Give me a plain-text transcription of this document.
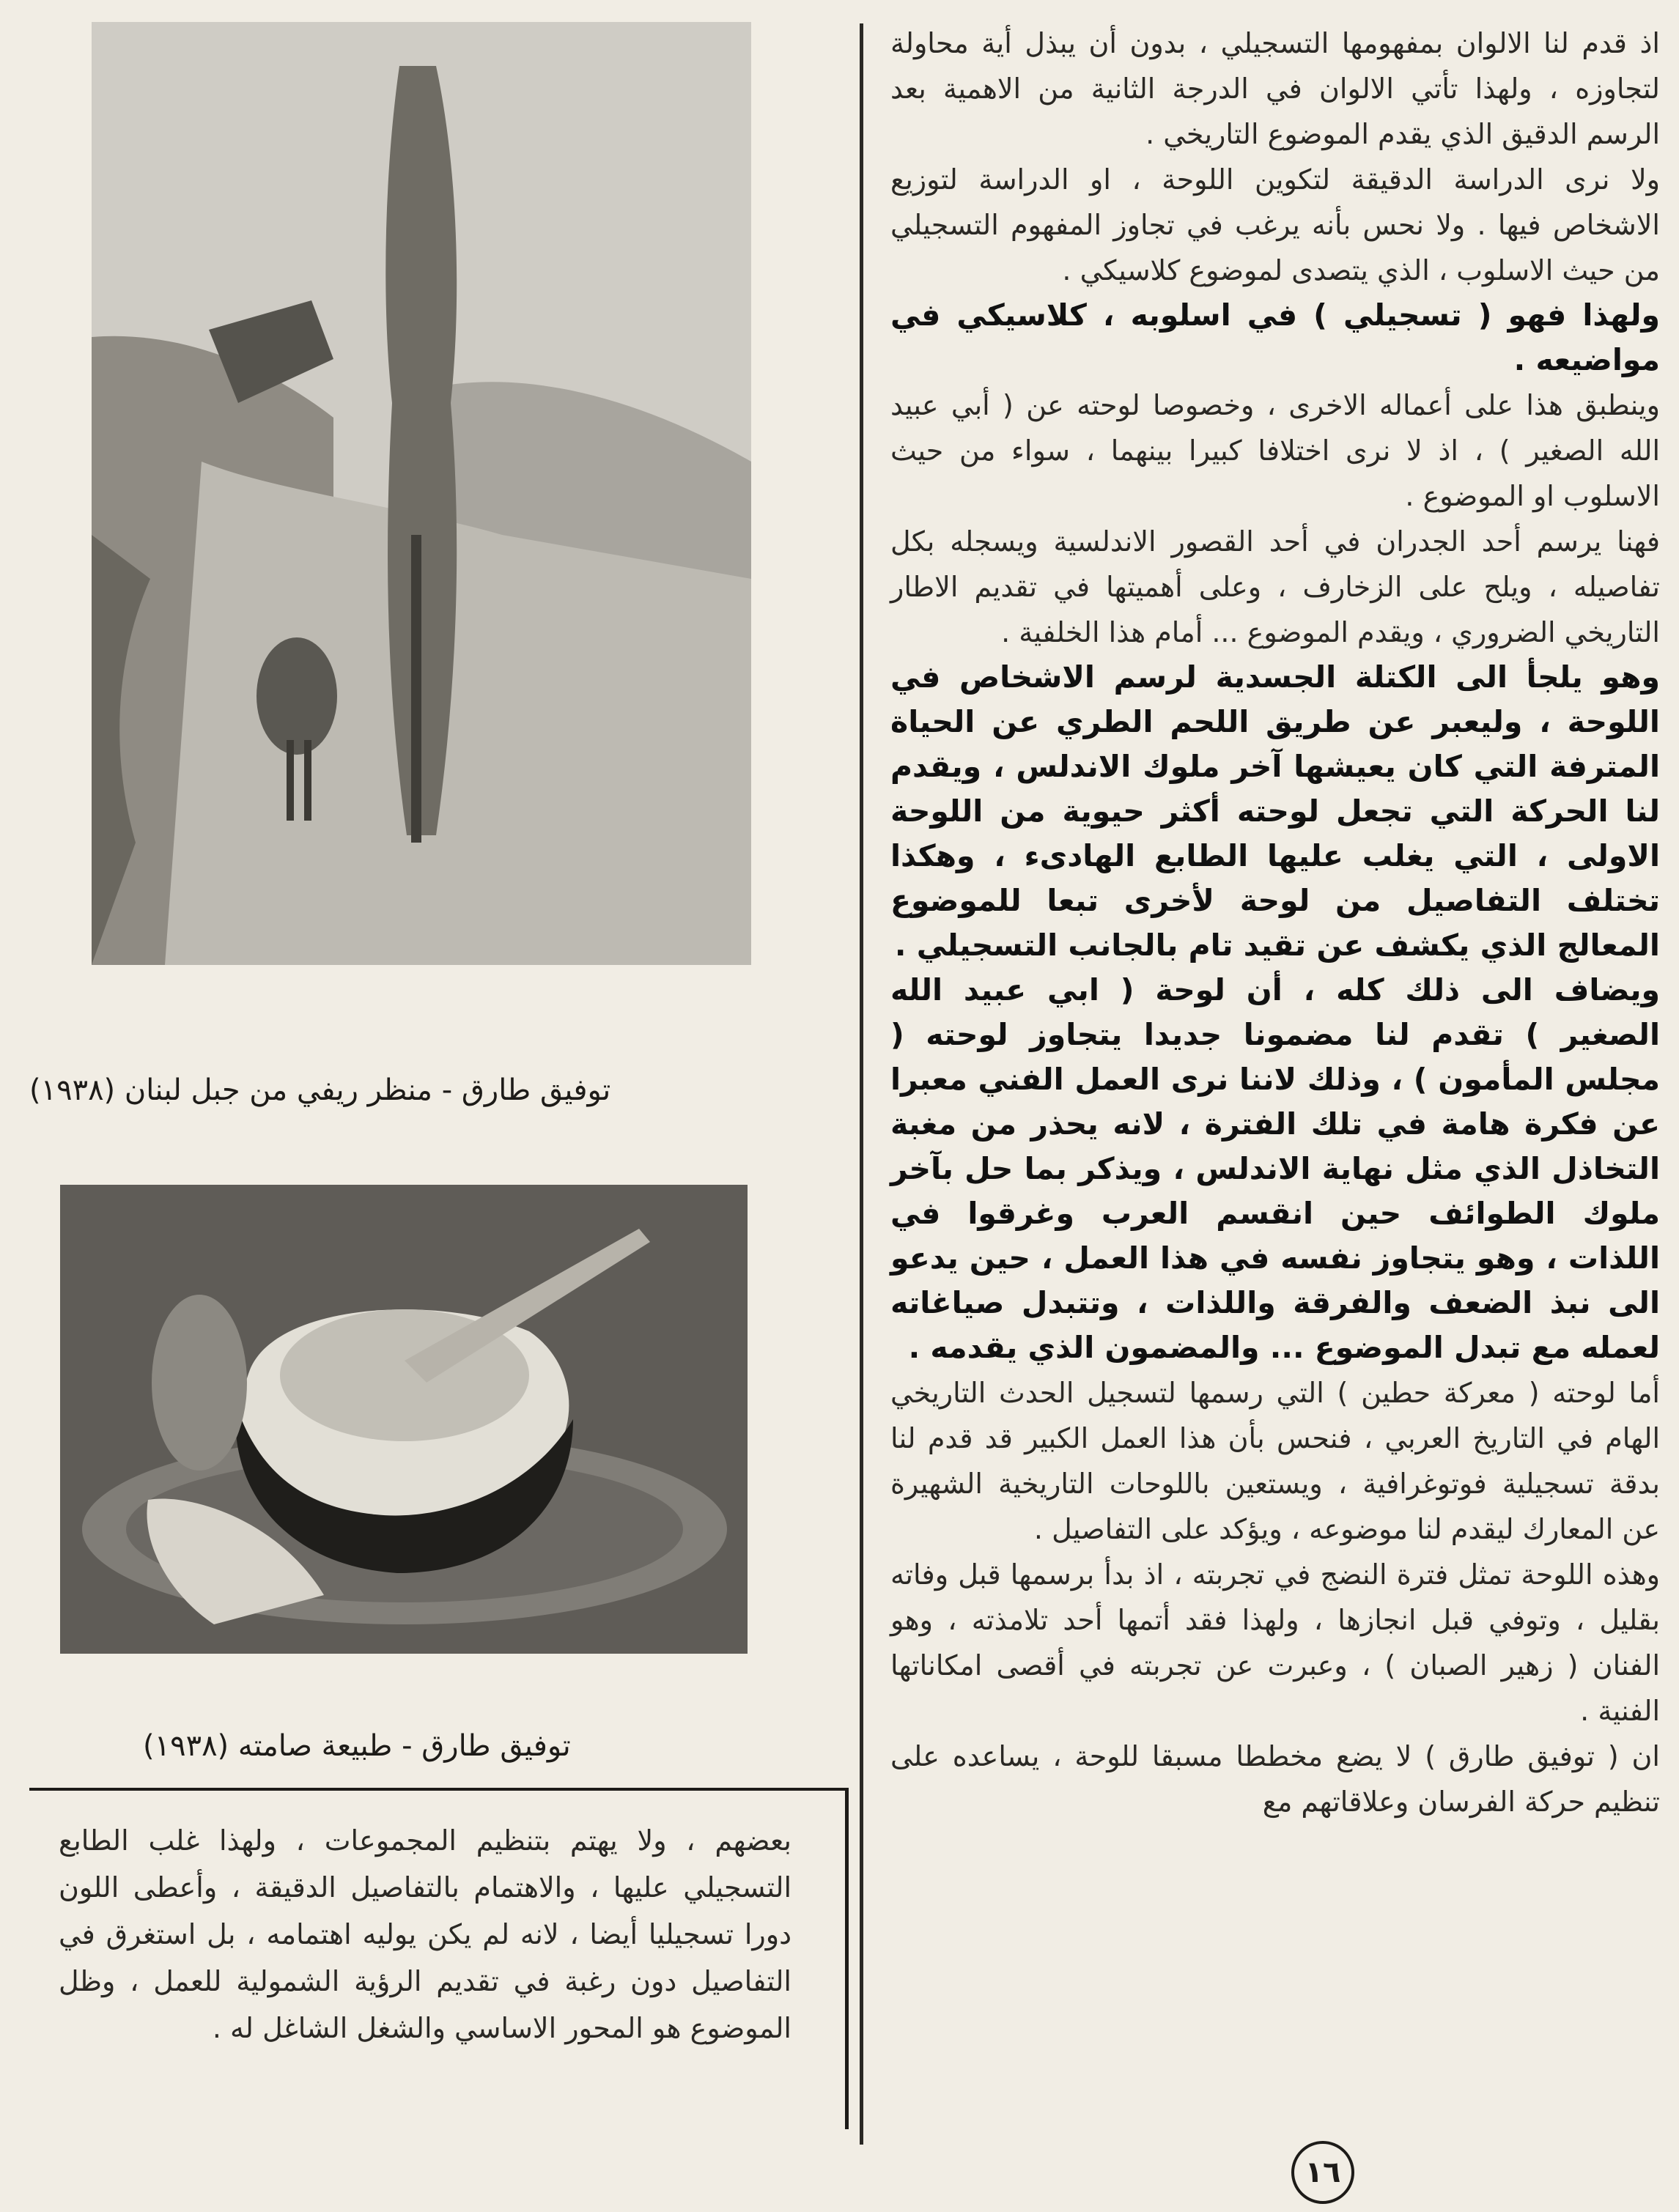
توفيق طارق - منظر ريفي من جبل لبنان (١٩٣٨)
توفيق طارق - طبيعة صامته (١٩٣٨)

بعضهم ، ولا يهتم بتنظيم المجموعات ، ولهذا غلب الطابع التسجيلي عليها ، والاهتمام بالتفاصيل الدقيقة ، وأعطى اللون دورا تسجيليا أيضا ، لانه لم يكن يوليه اهتمامه ، بل استغرق في التفاصيل دون رغبة في تقديم الرؤية الشمولية للعمل ، وظل الموضوع هو المحور الاساسي والشغل الشاغل له .

اذ قدم لنا الالوان بمفهومها التسجيلي ، بدون أن يبذل أية محاولة لتجاوزه ، ولهذا تأتي الالوان في الدرجة الثانية من الاهمية بعد الرسم الدقيق الذي يقدم الموضوع التاريخي .

ولا نرى الدراسة الدقيقة لتكوين اللوحة ، او الدراسة لتوزيع الاشخاص فيها . ولا نحس بأنه يرغب في تجاوز المفهوم التسجيلي من حيث الاسلوب ، الذي يتصدى لموضوع كلاسيكي .

ولهذا فهو ( تسجيلي ) في اسلوبه ، كلاسيكي في مواضيعه .

وينطبق هذا على أعماله الاخرى ، وخصوصا لوحته عن ( أبي عبيد الله الصغير ) ، اذ لا نرى اختلافا كبيرا بينهما ، سواء من حيث الاسلوب او الموضوع .

فهنا يرسم أحد الجدران في أحد القصور الاندلسية ويسجله بكل تفاصيله ، ويلح على الزخارف ، وعلى أهميتها في تقديم الاطار التاريخي الضروري ، ويقدم الموضوع ... أمام هذا الخلفية .

وهو يلجأ الى الكتلة الجسدية لرسم الاشخاص في اللوحة ، وليعبر عن طريق اللحم الطري عن الحياة المترفة التي كان يعيشها آخر ملوك الاندلس ، ويقدم لنا الحركة التي تجعل لوحته أكثر حيوية من اللوحة الاولى ، التي يغلب عليها الطابع الهادىء ، وهكذا تختلف التفاصيل من لوحة لأخرى تبعا للموضوع المعالج الذي يكشف عن تقيد تام بالجانب التسجيلي .

ويضاف الى ذلك كله ، أن لوحة ( ابي عبيد الله الصغير ) تقدم لنا مضمونا جديدا يتجاوز لوحته ( مجلس المأمون ) ، وذلك لاننا نرى العمل الفني معبرا عن فكرة هامة في تلك الفترة ، لانه يحذر من مغبة التخاذل الذي مثل نهاية الاندلس ، ويذكر بما حل بآخر ملوك الطوائف حين انقسم العرب وغرقوا في اللذات ، وهو يتجاوز نفسه في هذا العمل ، حين يدعو الى نبذ الضعف والفرقة واللذات ، وتتبدل صياغاته لعمله مع تبدل الموضوع ... والمضمون الذي يقدمه .

أما لوحته ( معركة حطين ) التي رسمها لتسجيل الحدث التاريخي الهام في التاريخ العربي ، فنحس بأن هذا العمل الكبير قد قدم لنا بدقة تسجيلية فوتوغرافية ، ويستعين باللوحات التاريخية الشهيرة عن المعارك ليقدم لنا موضوعه ، ويؤكد على التفاصيل .

وهذه اللوحة تمثل فترة النضج في تجربته ، اذ بدأ برسمها قبل وفاته بقليل ، وتوفي قبل انجازها ، ولهذا فقد أتمها أحد تلامذته ، وهو الفنان ( زهير الصبان ) ، وعبرت عن تجربته في أقصى امكاناتها الفنية .

ان ( توفيق طارق ) لا يضع مخططا مسبقا للوحة ، يساعده على تنظيم حركة الفرسان وعلاقاتهم مع

١٦
